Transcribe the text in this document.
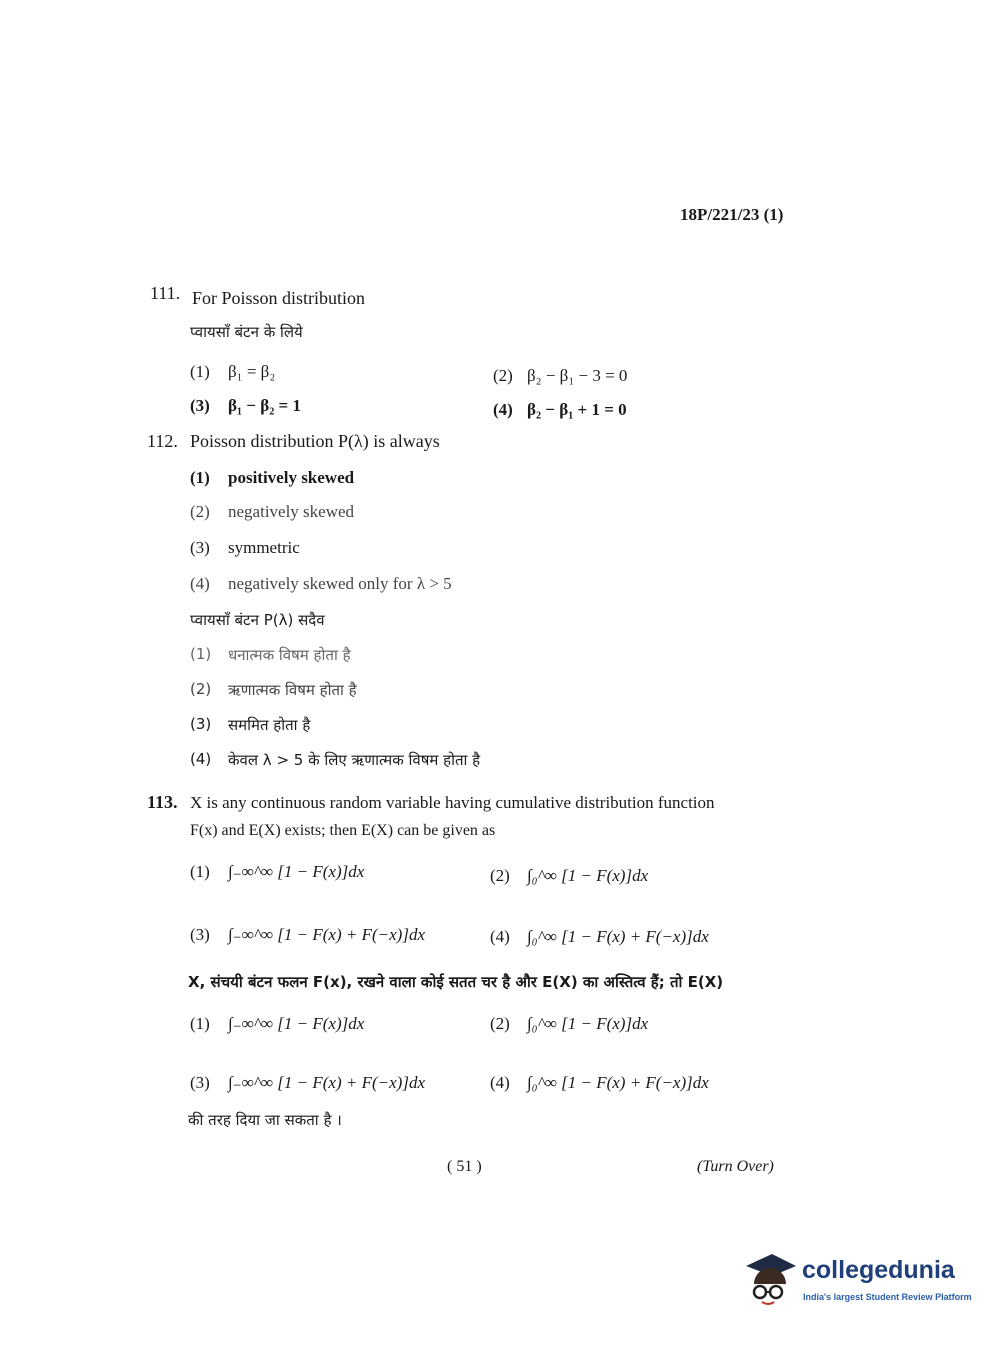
18P/221/23 (1)
111. For Poisson distribution
प्वायसाँ बंटन के लिये
(1) β₁ = β₂	(2) β₂ − β₁ − 3 = 0
(3) β₁ − β₂ = 1	(4) β₂ − β₁ + 1 = 0
112. Poisson distribution P(λ) is always
(1) positively skewed
(2) negatively skewed
(3) symmetric
(4) negatively skewed only for λ > 5
प्वायसाँ बंटन P(λ) सदैव
(1) धनात्मक विषम होता है
(2) ऋणात्मक विषम होता है
(3) सममित होता है
(4) केवल λ > 5 के लिए ऋणात्मक विषम होता है
113. X is any continuous random variable having cumulative distribution function
F(x) and E(X) exists; then E(X) can be given as
(1) ∫₋∞^∞ [1 − F(x)]dx	(2) ∫₀^∞ [1 − F(x)]dx
(3) ∫₋∞^∞ [1 − F(x) + F(−x)]dx	(4) ∫₀^∞ [1 − F(x) + F(−x)]dx
X, संचयी बंटन फलन F(x), रखने वाला कोई सतत चर है और E(X) का अस्तित्व हैं; तो E(X)
(1) ∫₋∞^∞ [1 − F(x)]dx	(2) ∫₀^∞ [1 − F(x)]dx
(3) ∫₋∞^∞ [1 − F(x) + F(−x)]dx	(4) ∫₀^∞ [1 − F(x) + F(−x)]dx
की तरह दिया जा सकता है ।
( 51 )	(Turn Over)
collegedunia
India's largest Student Review Platform
